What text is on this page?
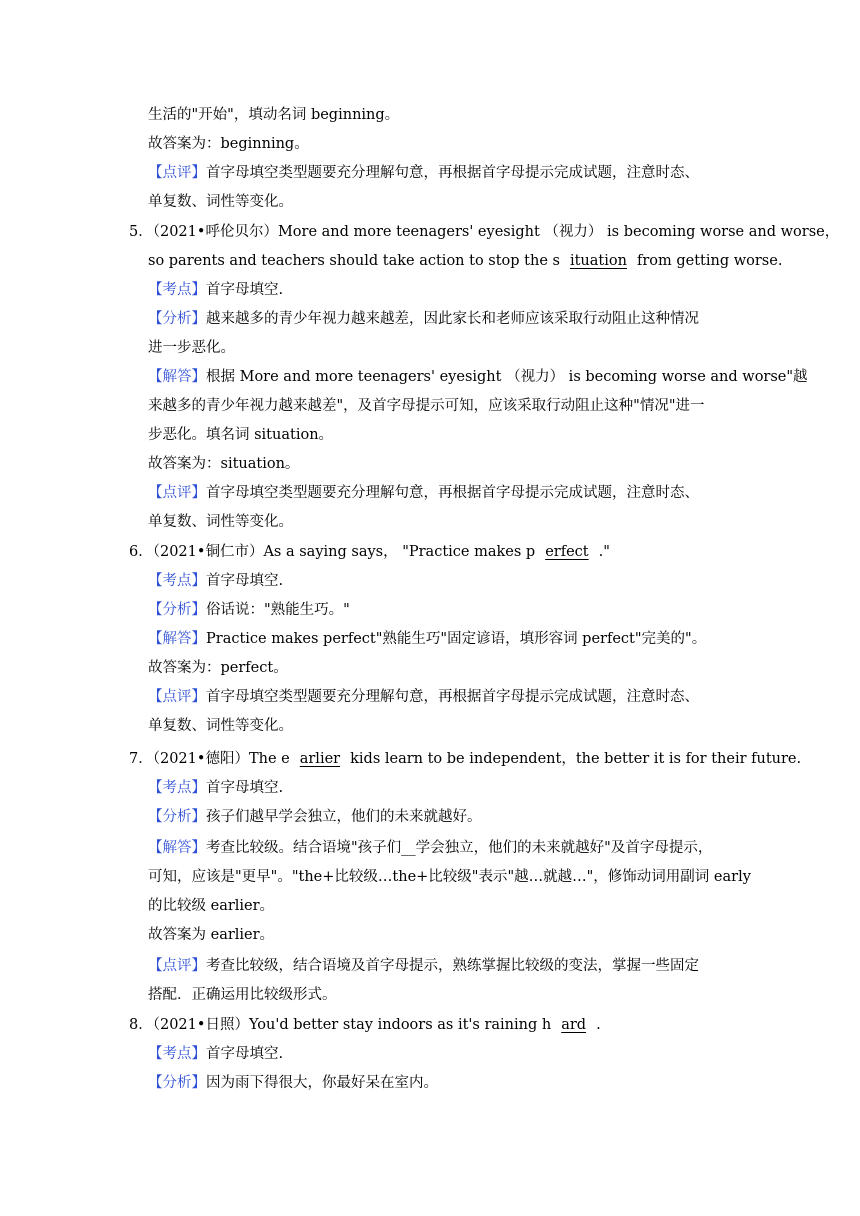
生活的"开始"，填动名词 beginning。
故答案为：beginning。
【点评】首字母填空类型题要充分理解句意，再根据首字母提示完成试题，注意时态、
单复数、词性等变化。
5．（2021•呼伦贝尔）More and more teenagers' eyesight （视力） is becoming worse and worse，
so parents and teachers should take action to stop the s ituation from getting worse.
【考点】首字母填空.
【分析】越来越多的青少年视力越来越差，因此家长和老师应该采取行动阻止这种情况
进一步恶化。
【解答】根据 More and more teenagers' eyesight （视力） is becoming worse and worse"越
来越多的青少年视力越来越差"，及首字母提示可知，应该采取行动阻止这种"情况"进一
步恶化。填名词 situation。
故答案为：situation。
【点评】首字母填空类型题要充分理解句意，再根据首字母提示完成试题，注意时态、
单复数、词性等变化。
6．（2021•铜仁市）As a saying says， "Practice makes p erfect ."
【考点】首字母填空.
【分析】俗话说："熟能生巧。"
【解答】Practice makes perfect"熟能生巧"固定谚语，填形容词 perfect"完美的"。
故答案为：perfect。
【点评】首字母填空类型题要充分理解句意，再根据首字母提示完成试题，注意时态、
单复数、词性等变化。
7．（2021•德阳）The e arlier kids learn to be independent，the better it is for their future.
【考点】首字母填空.
【分析】孩子们越早学会独立，他们的未来就越好。
【解答】考查比较级。结合语境"孩子们__学会独立，他们的未来就越好"及首字母提示，
可知，应该是"更早"。"the+比较级…the+比较级"表示"越…就越…"，修饰动词用副词 early
的比较级 earlier。
故答案为 earlier。
【点评】考查比较级，结合语境及首字母提示，熟练掌握比较级的变法，掌握一些固定
搭配．正确运用比较级形式。
8．（2021•日照）You'd better stay indoors as it's raining h ard .
【考点】首字母填空.
【分析】因为雨下得很大，你最好呆在室内。
